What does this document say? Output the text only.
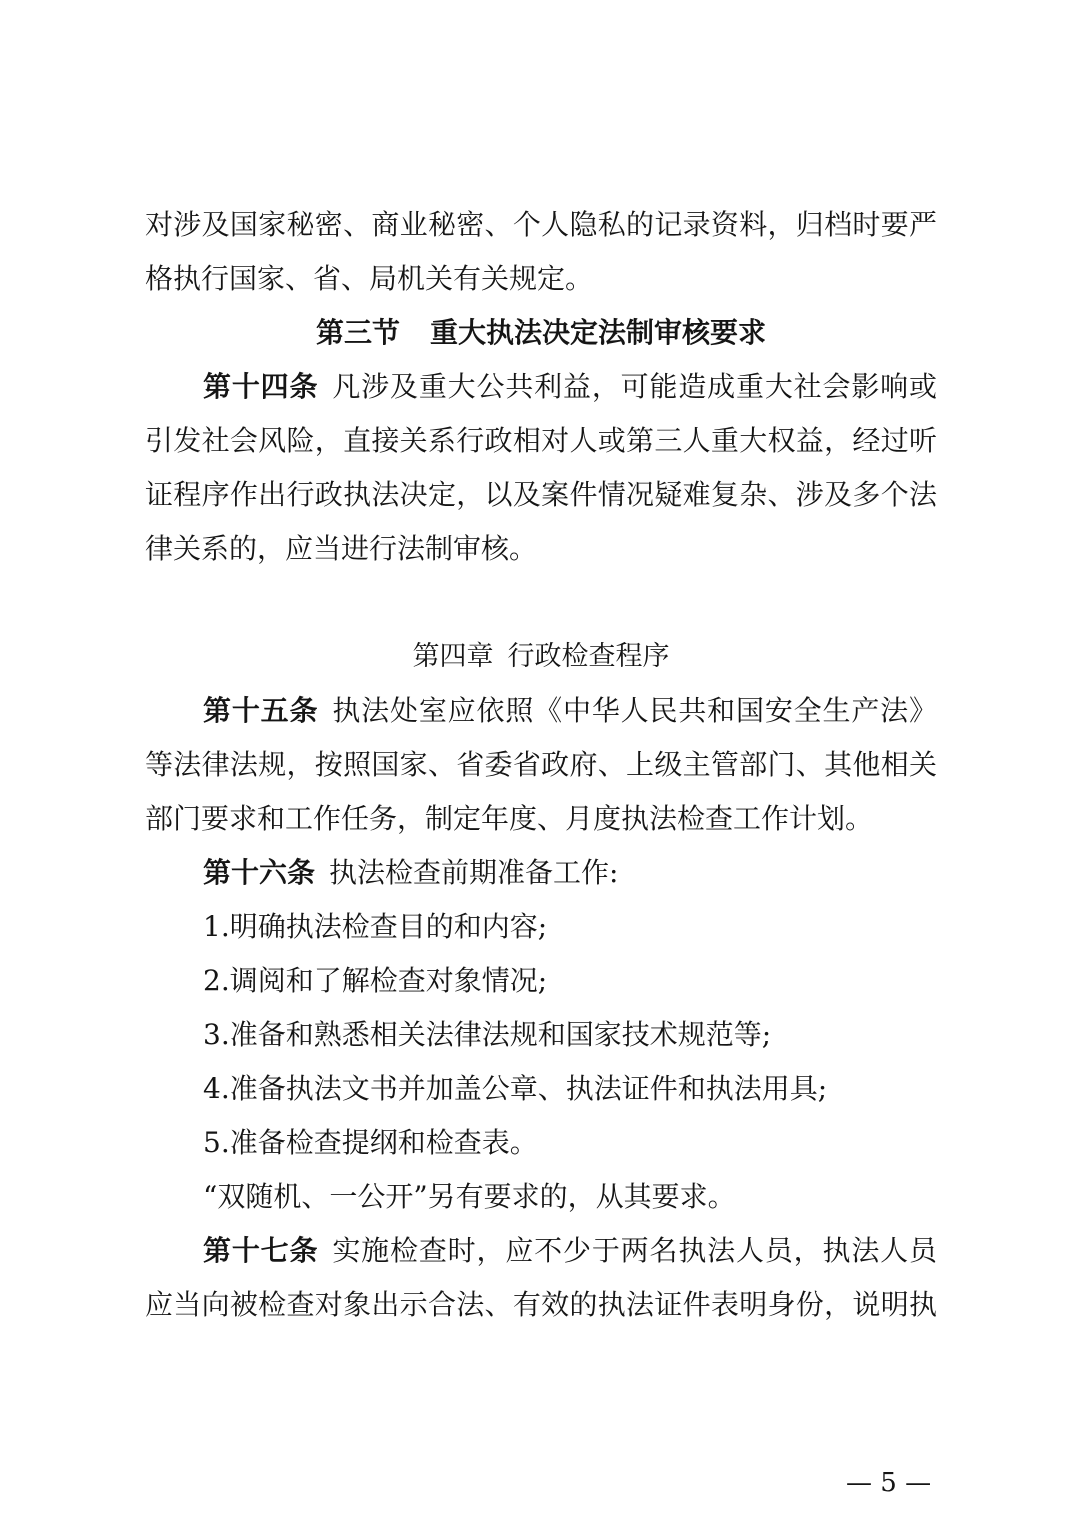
对涉及国家秘密、商业秘密、个人隐私的记录资料，归档时要严
格执行国家、省、局机关有关规定。
第三节 重大执法决定法制审核要求
第十四条 凡涉及重大公共利益，可能造成重大社会影响或
引发社会风险，直接关系行政相对人或第三人重大权益，经过听
证程序作出行政执法决定，以及案件情况疑难复杂、涉及多个法
律关系的，应当进行法制审核。
第四章 行政检查程序
第十五条 执法处室应依照《中华人民共和国安全生产法》
等法律法规，按照国家、省委省政府、上级主管部门、其他相关
部门要求和工作任务，制定年度、月度执法检查工作计划。
第十六条 执法检查前期准备工作:
1.明确执法检查目的和内容;
2.调阅和了解检查对象情况;
3.准备和熟悉相关法律法规和国家技术规范等;
4.准备执法文书并加盖公章、执法证件和执法用具;
5.准备检查提纲和检查表。
“双随机、一公开”另有要求的，从其要求。
第十七条 实施检查时，应不少于两名执法人员，执法人员
应当向被检查对象出示合法、有效的执法证件表明身份，说明执
— 5 —
